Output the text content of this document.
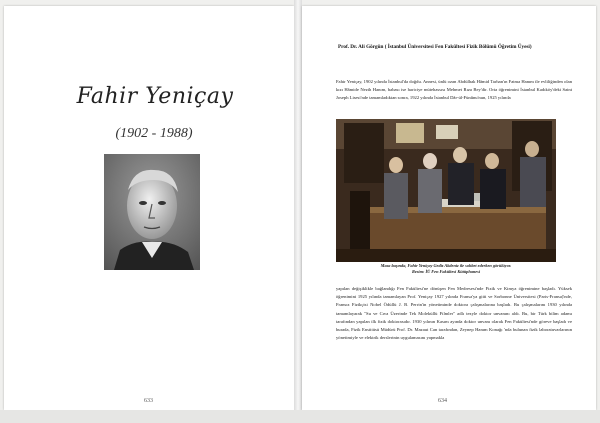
Fahir Yeniçay
(1902 - 1988)
633
Prof. Dr. Ali Görgün ( İstanbul Üniversitesi Fen Fakültesi Fizik Bölümü Öğretim Üyesi)
Fahir Yeniçay, 1902 yılında İstanbul'da doğdu. Annesi, ünlü ozan Abdülhak Hâmid Tarhan'ın Fatma Hanım ile evliliğinden olan kızı Hâmide Nezih Hanım, babası ise hariciye mütehassısı Mehmet Rıza Bey'dir. Orta öğrenimini İstanbul Kadıköy'deki Saint Joseph Lisesi'nde tamamladıktan sonra, 1922 yılında İstanbul Dâr-ül-Fünûnu'nun, 1925 yılında
Masa başında, Fahir Yeniçay Gediz Akdeniz ile sohbet ederken görülüyor.
Resim: İÜ Fen Fakültesi Kütüphanesi
yapılan değişiklikle bağlandığı Fen Fakültesi'ne dönüşen Fen Medresesi'nde Fizik ve Kimya öğrenimine başladı. Yüksek öğrenimini 1925 yılında tamamlayan Prof. Yeniçay 1927 yılında Fransa'ya gitti ve Sorbonne Üniversitesi (Paris-Fransa)'nde, Fransız Fizikçisi Nobel Ödüllü J. B. Perrin'in yönetiminde doktora çalışmalarına başladı. Bu çalışmalarını 1930 yılında tamamlayarak "Su ve Cıva Üzerinde Tek Moleküllü Filmler" adlı tezyle doktor unvanını aldı. Bu, bir Türk bilim adamı tarafından yapılan ilk fizik doktorasıdır. 1930 yılının Kasım ayında doktor unvanı olarak Fen Fakültesi'nde göreve başladı ve burada, Fizik Enstitüsü Müdürü Prof. Dr. Mazaut Can tarafından, Zeynep Hanım Konağı 'nda bulunan fizik laboratuvarlarının yönetimiyle ve elektrik derslerinin uygulamasını yapmakla
634
